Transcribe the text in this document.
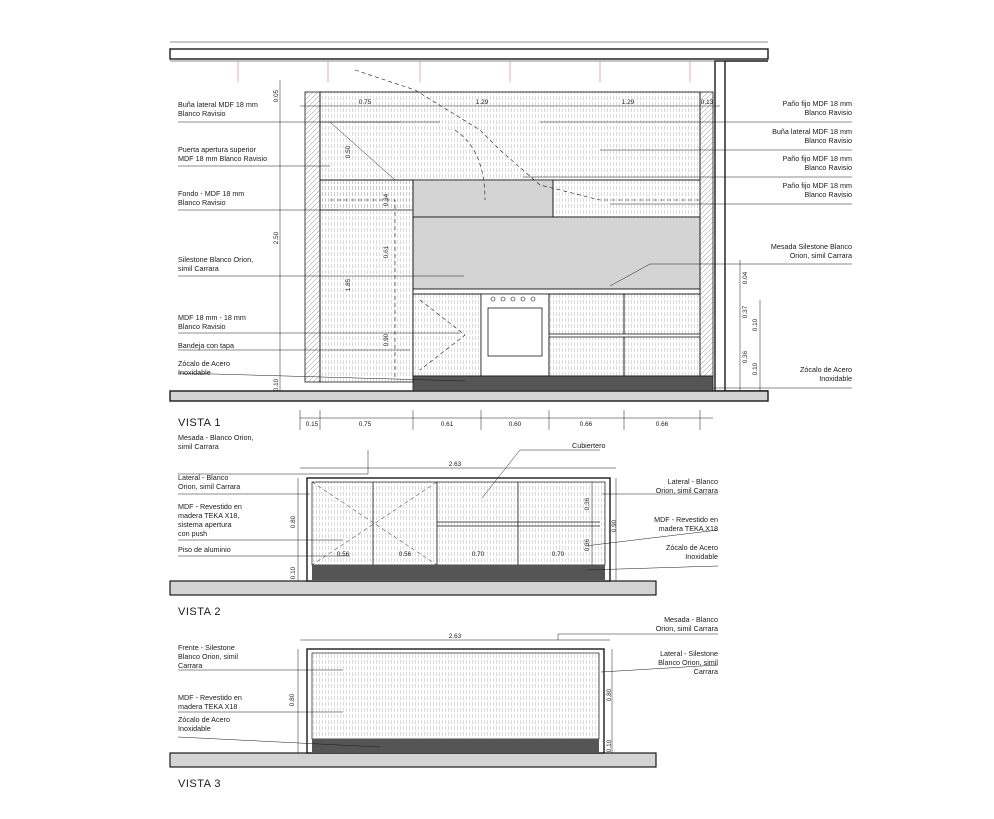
VISTA 1
Buña lateral MDF 18 mm
Blanco Ravisio
Puerta apertura superior
MDF 18 mm Blanco Ravisio
Fondo - MDF 18 mm
Blanco Ravisio
Silestone Blanco Orion,
simil Carrara
MDF 18 mm - 18 mm
Blanco Ravisio
Bandeja con tapa
Zócalo de Acero
Inoxidable
Paño fijo MDF 18 mm
Blanco Ravisio
Buña lateral MDF 18 mm
Blanco Ravisio
Paño fijo MDF 18 mm
Blanco Ravisio
Paño fijo MDF 18 mm
Blanco Ravisio
Mesada Silestone Blanco
Orion, simil Carrara
Zócalo de Acero
Inoxidable
0.75	1.29	1.29	0.13
0.15	0.75	0.61	0.60	0.66	0.66
0.05
2.50
0.50
0.34
1.85
0.61
0.90
0.10
0.04
0.37
0.10
0.36
0.10
VISTA 2
2.63
Cubiertero
Mesada - Blanco Orion,
simil Carrara
Lateral - Blanco
Orion, simil Carrara
MDF - Revestido en
madera TEKA X18,
sistema apertura
con push
Piso de aluminio
Lateral - Blanco
Orion, simil Carrara
MDF - Revestido en
madera TEKA X18
Zócalo de Acero
Inoxidable
0.56	0.56	0.70	0.70
0.80
0.10
0.36
0.36
0.90
VISTA 3
2.63
Frente - Silestone
Blanco Orion, simil
Carrara
MDF - Revestido en
madera TEKA X18
Zócalo de Acero
Inoxidable
Mesada - Blanco
Orion, simil Carrara
Lateral - Silestone
Blanco Orion, simil
Carrara
0.80	0.80
0.10
